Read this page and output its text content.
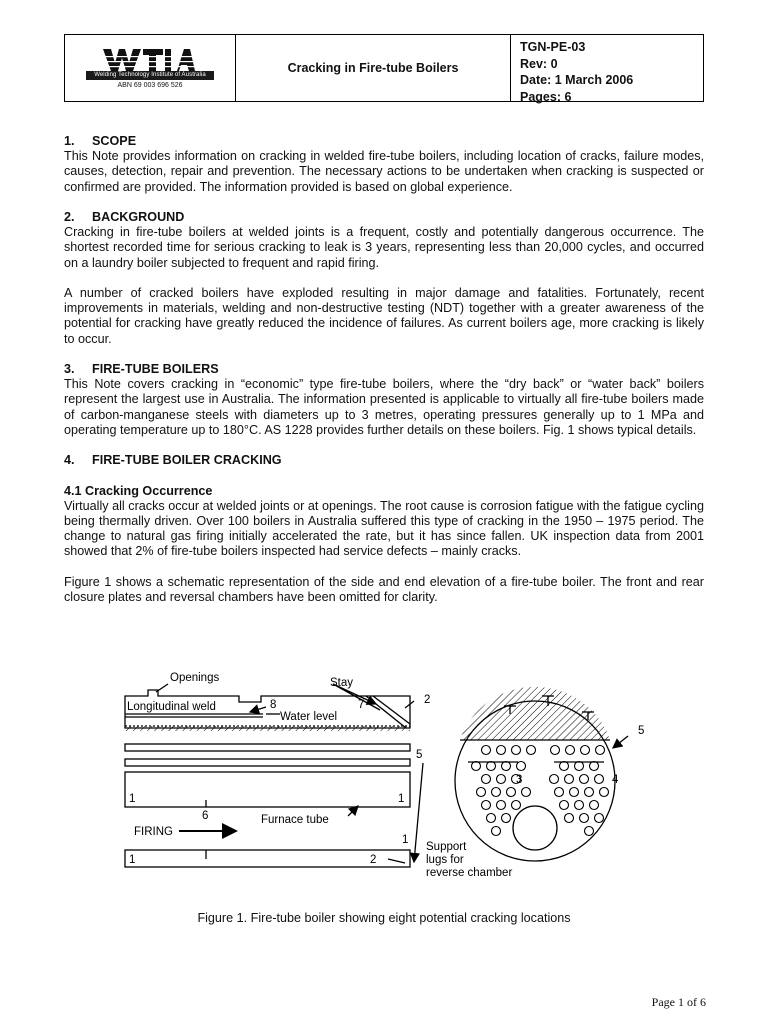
Welding Technology Institute of Australia
ABN 69 003 696 526
Cracking in Fire-tube Boilers
TGN-PE-03
Rev: 0
Date: 1 March 2006
Pages: 6
1. SCOPE

This Note provides information on cracking in welded fire-tube boilers, including location of cracks, failure modes, causes, detection, repair and prevention. The necessary actions to be undertaken when cracking is suspected or confirmed are provided. The information provided is based on global experience.

2. BACKGROUND

Cracking in fire-tube boilers at welded joints is a frequent, costly and potentially dangerous occurrence. The shortest recorded time for serious cracking to leak is 3 years, representing less than 20,000 cycles, and occurred on a laundry boiler subjected to frequent and rapid firing.

A number of cracked boilers have exploded resulting in major damage and fatalities. Fortunately, recent improvements in materials, welding and non-destructive testing (NDT) together with a greater awareness of the potential for cracking have greatly reduced the incidence of failures. As current boilers age, more cracking is likely to occur.

3. FIRE-TUBE BOILERS

This Note covers cracking in “economic” type fire-tube boilers, where the “dry back” or “water back” boilers represent the largest use in Australia. The information presented is applicable to virtually all fire-tube boilers made of carbon-manganese steels with diameters up to 3 metres, operating pressures generally up to 1 MPa and operating temperature up to 180°C. AS 1228 provides further details on these boilers. Fig. 1 shows typical details.

4. FIRE-TUBE BOILER CRACKING
4.1 Cracking Occurrence

Virtually all cracks occur at welded joints or at openings. The root cause is corrosion fatigue with the fatigue cycling being thermally driven. Over 100 boilers in Australia suffered this type of cracking in the 1950 – 1975 period. The change to natural gas firing initially accelerated the rate, but it has since fallen. UK inspection data from 2001 showed that 2% of fire-tube boilers inspected had service defects – mainly cracks.

Figure 1 shows a schematic representation of the side and end elevation of a fire-tube boiler. The front and rear closure plates and reversal chambers have been omitted for clarity.

Openings	Stay
Longitudinal weld
Water level
Furnace tube
FIRING
Support
lugs for
reverse chamber
8	7	2
5
1	1
6
1
1	2
3	4
5
Figure 1. Fire-tube boiler showing eight potential cracking locations
Page 1 of 6
